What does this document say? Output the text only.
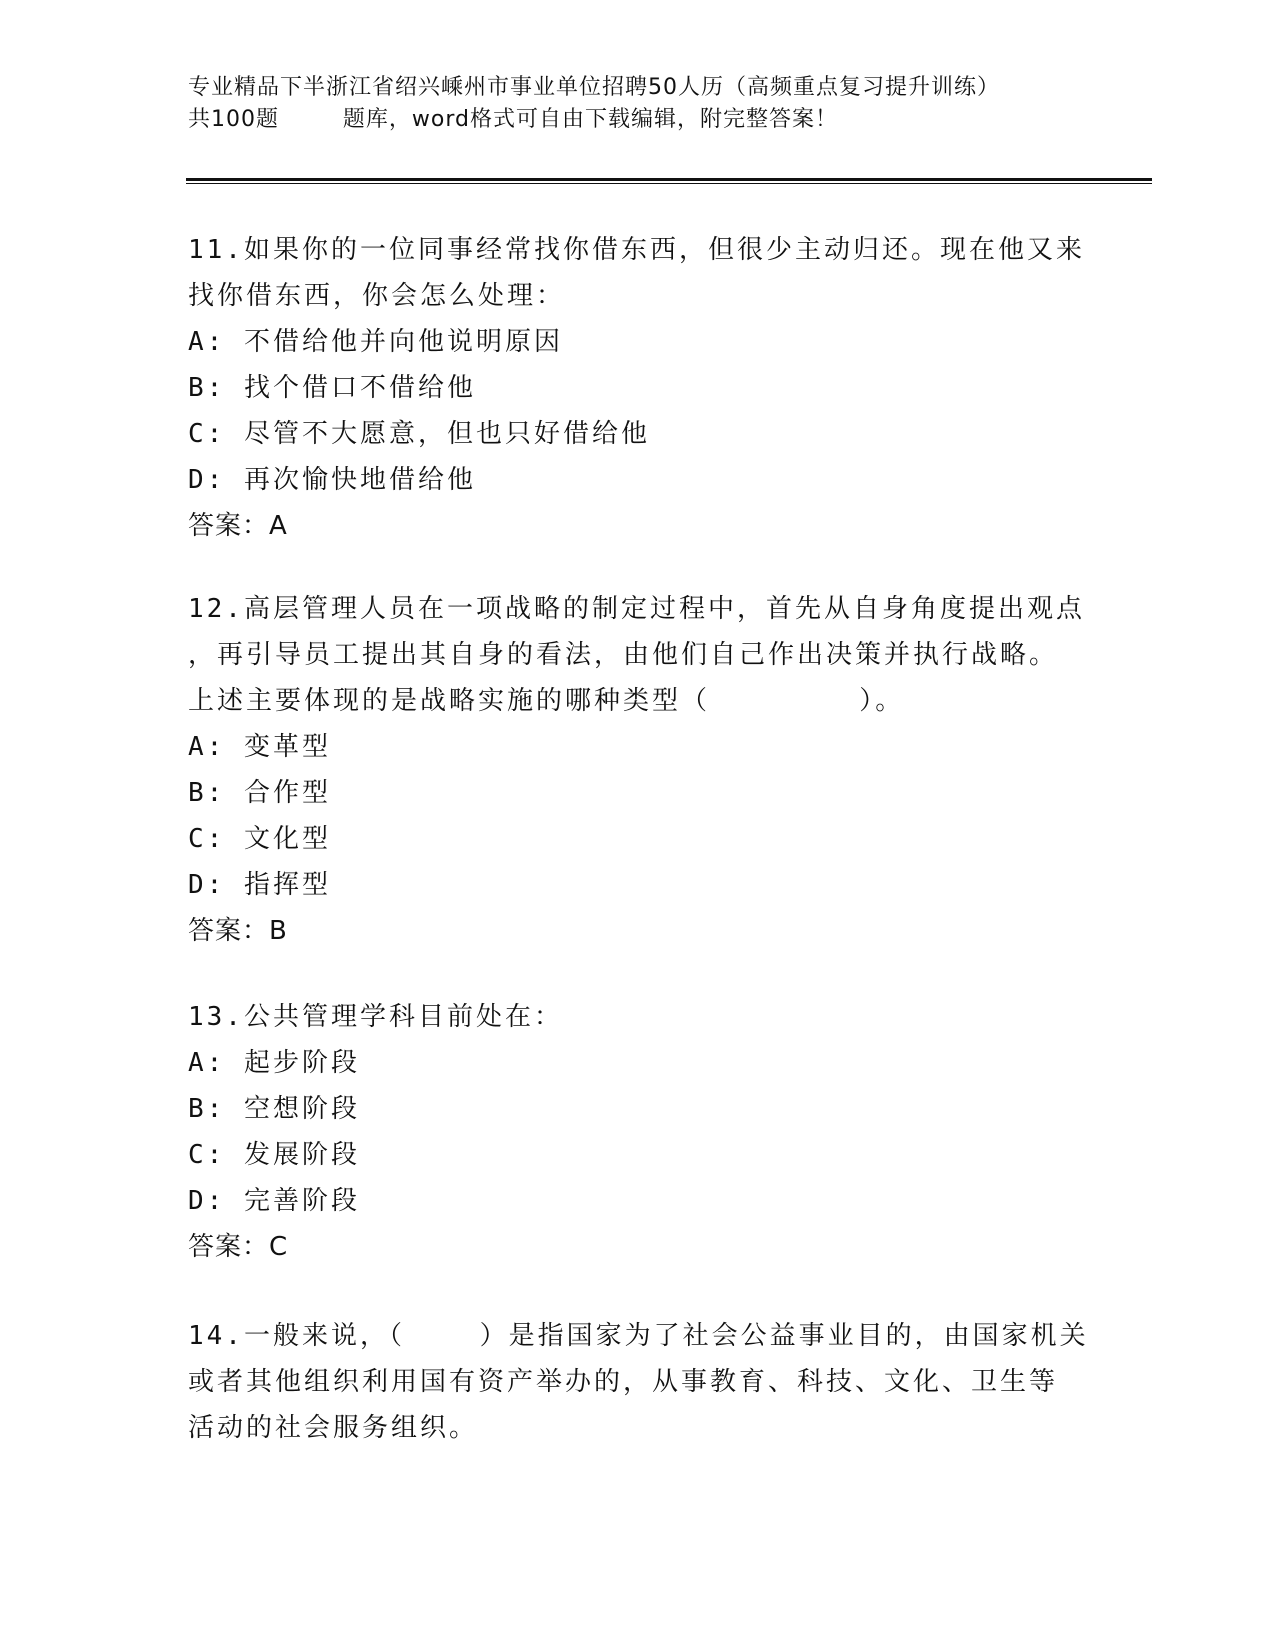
专业精品下半浙江省绍兴嵊州市事业单位招聘50人历（高频重点复习提升训练）
共100题        题库，word格式可自由下载编辑，附完整答案！
11.如果你的一位同事经常找你借东西，但很少主动归还。现在他又来
找你借东西，你会怎么处理：
A: 不借给他并向他说明原因
B: 找个借口不借给他
C: 尽管不大愿意，但也只好借给他
D: 再次愉快地借给他
答案：A
12.高层管理人员在一项战略的制定过程中，首先从自身角度提出观点
，再引导员工提出其自身的看法，由他们自己作出决策并执行战略。
上述主要体现的是战略实施的哪种类型（        ）。
A: 变革型
B: 合作型
C: 文化型
D: 指挥型
答案：B
13.公共管理学科目前处在：
A: 起步阶段
B: 空想阶段
C: 发展阶段
D: 完善阶段
答案：C
14.一般来说，（    ）是指国家为了社会公益事业目的，由国家机关
或者其他组织利用国有资产举办的，从事教育、科技、文化、卫生等
活动的社会服务组织。
